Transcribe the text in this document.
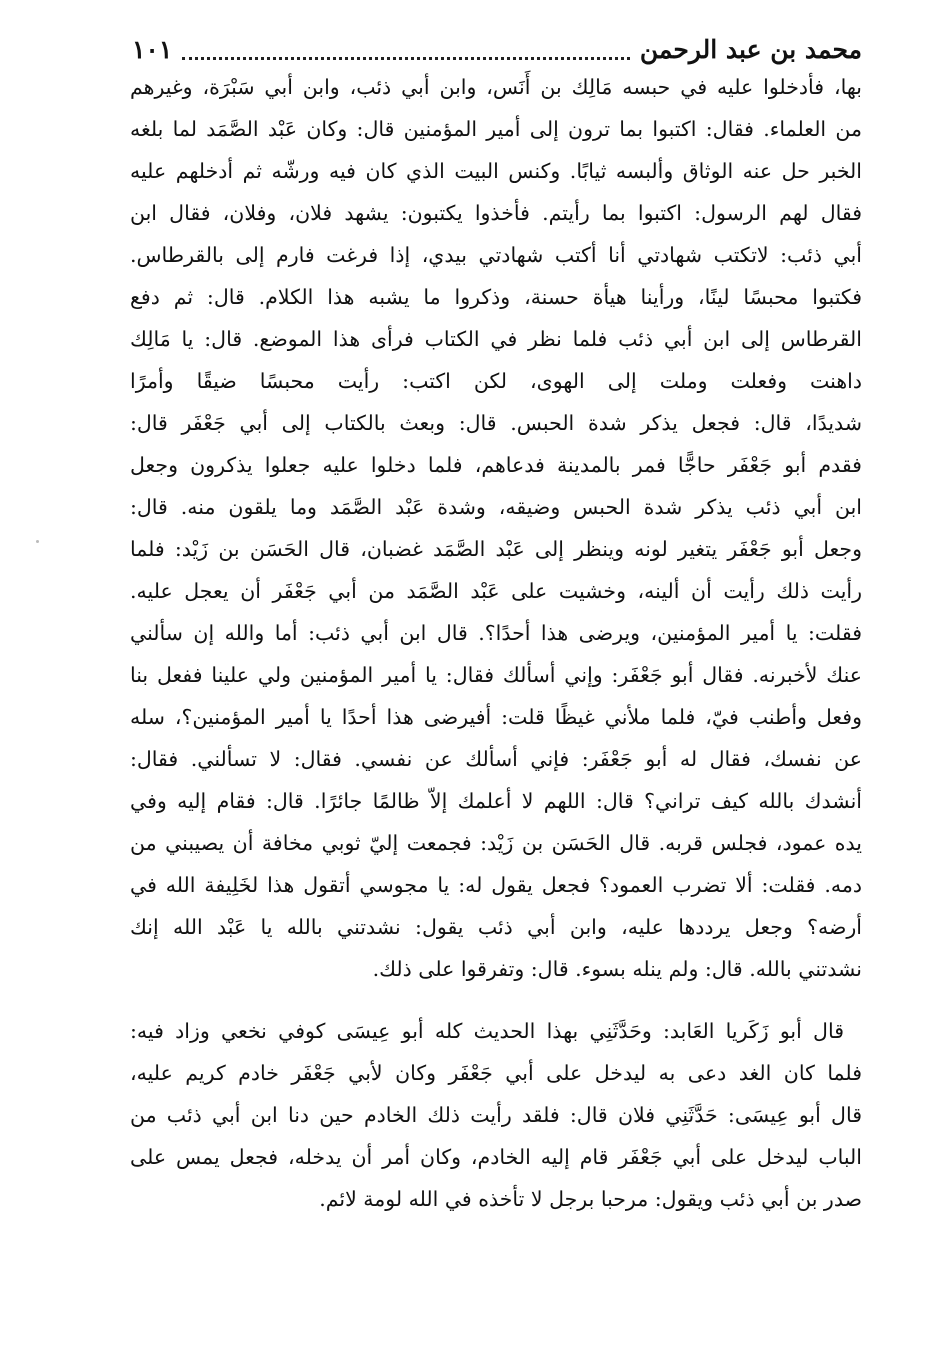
محمد بن عبد الرحمن
١٠١
بها، فأدخلوا عليه في حبسه مَالِك بن أَنَس، وابن أبي ذئب، وابن أبي سَبْرَة، وغيرهم
من العلماء. فقال: اكتبوا بما ترون إلى أمير المؤمنين قال: وكان عَبْد الصَّمَد لما بلغه
الخبر حل عنه الوثاق وألبسه ثيابًا. وكنس البيت الذي كان فيه ورشّه ثم أدخلهم عليه
فقال لهم الرسول: اكتبوا بما رأيتم. فأخذوا يكتبون: يشهد فلان، وفلان، فقال ابن
أبي ذئب: لاتكتب شهادتي أنا أكتب شهادتي بيدي، إذا فرغت فارم إلى بالقرطاس.
فكتبوا محبسًا لينًا، ورأينا هيأة حسنة، وذكروا ما يشبه هذا الكلام. قال: ثم دفع
القرطاس إلى ابن أبي ذئب فلما نظر في الكتاب فرأى هذا الموضع. قال: يا مَالِك
داهنت وفعلت وملت إلى الهوى، لكن اكتب: رأيت محبسًا ضيقًا وأمرًا
شديدًا، قال: فجعل يذكر شدة الحبس. قال: وبعث بالكتاب إلى أبي جَعْفَر قال:
فقدم أبو جَعْفَر حاجًّا فمر بالمدينة فدعاهم، فلما دخلوا عليه جعلوا يذكرون وجعل
ابن أبي ذئب يذكر شدة الحبس وضيقه، وشدة عَبْد الصَّمَد وما يلقون منه. قال:
وجعل أبو جَعْفَر يتغير لونه وينظر إلى عَبْد الصَّمَد غضبان، قال الحَسَن بن زَيْد: فلما
رأيت ذلك رأيت أن ألينه، وخشيت على عَبْد الصَّمَد من أبي جَعْفَر أن يعجل عليه.
فقلت: يا أمير المؤمنين، ويرضى هذا أحدًا؟. قال ابن أبي ذئب: أما والله إن سألني
عنك لأخبرنه. فقال أبو جَعْفَر: وإني أسألك فقال: يا أمير المؤمنين ولي علينا ففعل بنا
وفعل وأطنب فيّ، فلما ملأني غيظًا قلت: أفيرضى هذا أحدًا يا أمير المؤمنين؟، سله
عن نفسك، فقال له أبو جَعْفَر: فإني أسألك عن نفسي. فقال: لا تسألني. فقال:
أنشدك بالله كيف تراني؟ قال: اللهم لا أعلمك إلاّ ظالمًا جائرًا. قال: فقام إليه وفي
يده عمود، فجلس قربه. قال الحَسَن بن زَيْد: فجمعت إليّ ثوبي مخافة أن يصيبني من
دمه. فقلت: ألا تضرب العمود؟ فجعل يقول له: يا مجوسي أتقول هذا لخَلِيفة الله في
أرضه؟ وجعل يرددها عليه، وابن أبي ذئب يقول: نشدتني بالله يا عَبْد الله إنك
نشدتني بالله. قال: ولم ينله بسوء. قال: وتفرقوا على ذلك.
قال أبو زَكَريا العَابد: وحَدَّثَنِي بهذا الحديث كله أبو عِيسَى كوفي نخعي وزاد فيه:
فلما كان الغد دعى به ليدخل على أبي جَعْفَر وكان لأبي جَعْفَر خادم كريم عليه،
قال أبو عِيسَى: حَدَّثَنِي فلان قال: فلقد رأيت ذلك الخادم حين دنا ابن أبي ذئب من
الباب ليدخل على أبي جَعْفَر قام إليه الخادم، وكان أمر أن يدخله، فجعل يمس على
صدر بن أبي ذئب ويقول: مرحبا برجل لا تأخذه في الله لومة لائم.
